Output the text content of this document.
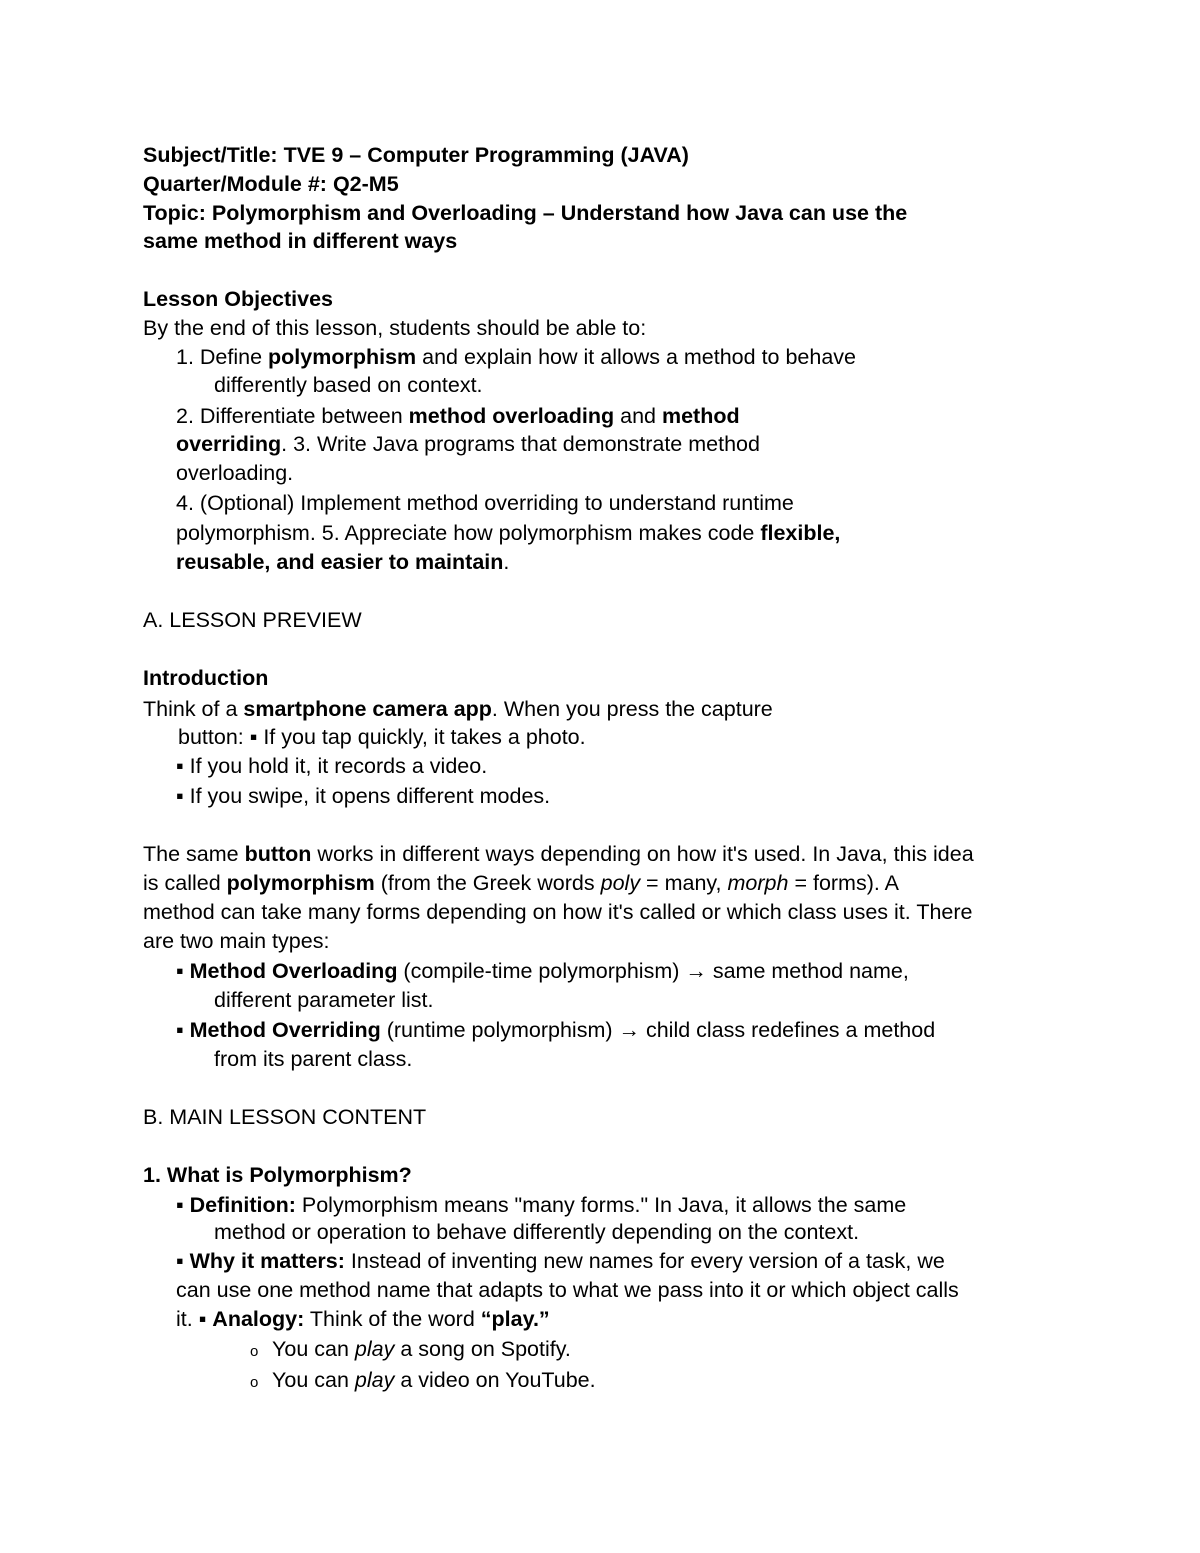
Subject/Title: TVE 9 – Computer Programming (JAVA)
Quarter/Module #: Q2-M5
Topic: Polymorphism and Overloading – Understand how Java can use the
same method in different ways
Lesson Objectives
By the end of this lesson, students should be able to:
1. Define polymorphism and explain how it allows a method to behave
differently based on context.
2. Differentiate between method overloading and method
overriding. 3. Write Java programs that demonstrate method
overloading.
4. (Optional) Implement method overriding to understand runtime
polymorphism. 5. Appreciate how polymorphism makes code flexible,
reusable, and easier to maintain.
A. LESSON PREVIEW
Introduction
Think of a smartphone camera app. When you press the capture
button: ▪ If you tap quickly, it takes a photo.
▪ If you hold it, it records a video.
▪ If you swipe, it opens different modes.
The same button works in different ways depending on how it's used. In Java, this idea
is called polymorphism (from the Greek words poly = many, morph = forms). A
method can take many forms depending on how it's called or which class uses it. There
are two main types:
▪ Method Overloading (compile-time polymorphism) → same method name,
different parameter list.
▪ Method Overriding (runtime polymorphism) → child class redefines a method
from its parent class.
B. MAIN LESSON CONTENT
1. What is Polymorphism?
▪ Definition: Polymorphism means "many forms." In Java, it allows the same
method or operation to behave differently depending on the context.
▪ Why it matters: Instead of inventing new names for every version of a task, we
can use one method name that adapts to what we pass into it or which object calls
it. ▪ Analogy: Think of the word “play.”
o You can play a song on Spotify.
o You can play a video on YouTube.
